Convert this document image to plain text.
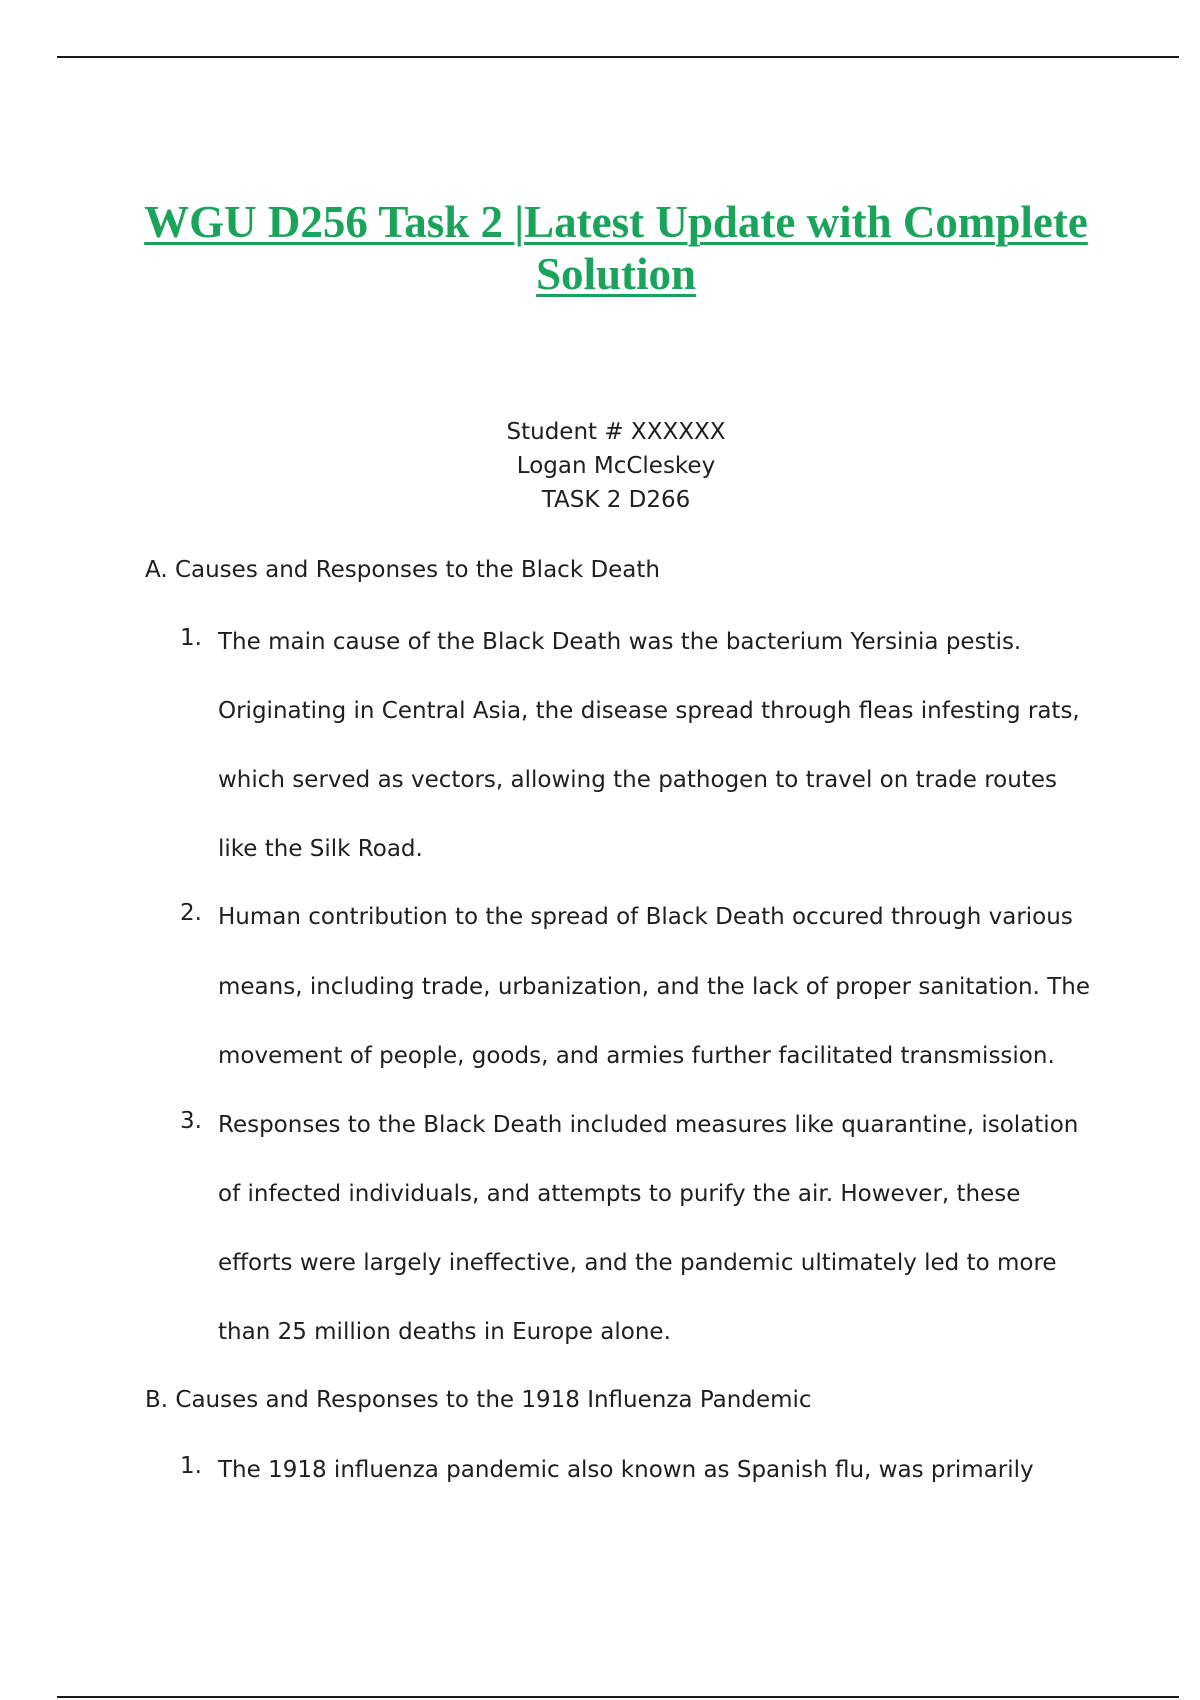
WGU D256 Task 2 |Latest Update with Complete Solution
Student # XXXXXX
Logan McCleskey
TASK 2 D266
A. Causes and Responses to the Black Death
1. The main cause of the Black Death was the bacterium Yersinia pestis.
Originating in Central Asia, the disease spread through fleas infesting rats,
which served as vectors, allowing the pathogen to travel on trade routes
like the Silk Road.
2. Human contribution to the spread of Black Death occured through various
means, including trade, urbanization, and the lack of proper sanitation. The
movement of people, goods, and armies further facilitated transmission.
3. Responses to the Black Death included measures like quarantine, isolation
of infected individuals, and attempts to purify the air. However, these
efforts were largely ineffective, and the pandemic ultimately led to more
than 25 million deaths in Europe alone.
B. Causes and Responses to the 1918 Influenza Pandemic
1. The 1918 influenza pandemic also known as Spanish flu, was primarily
